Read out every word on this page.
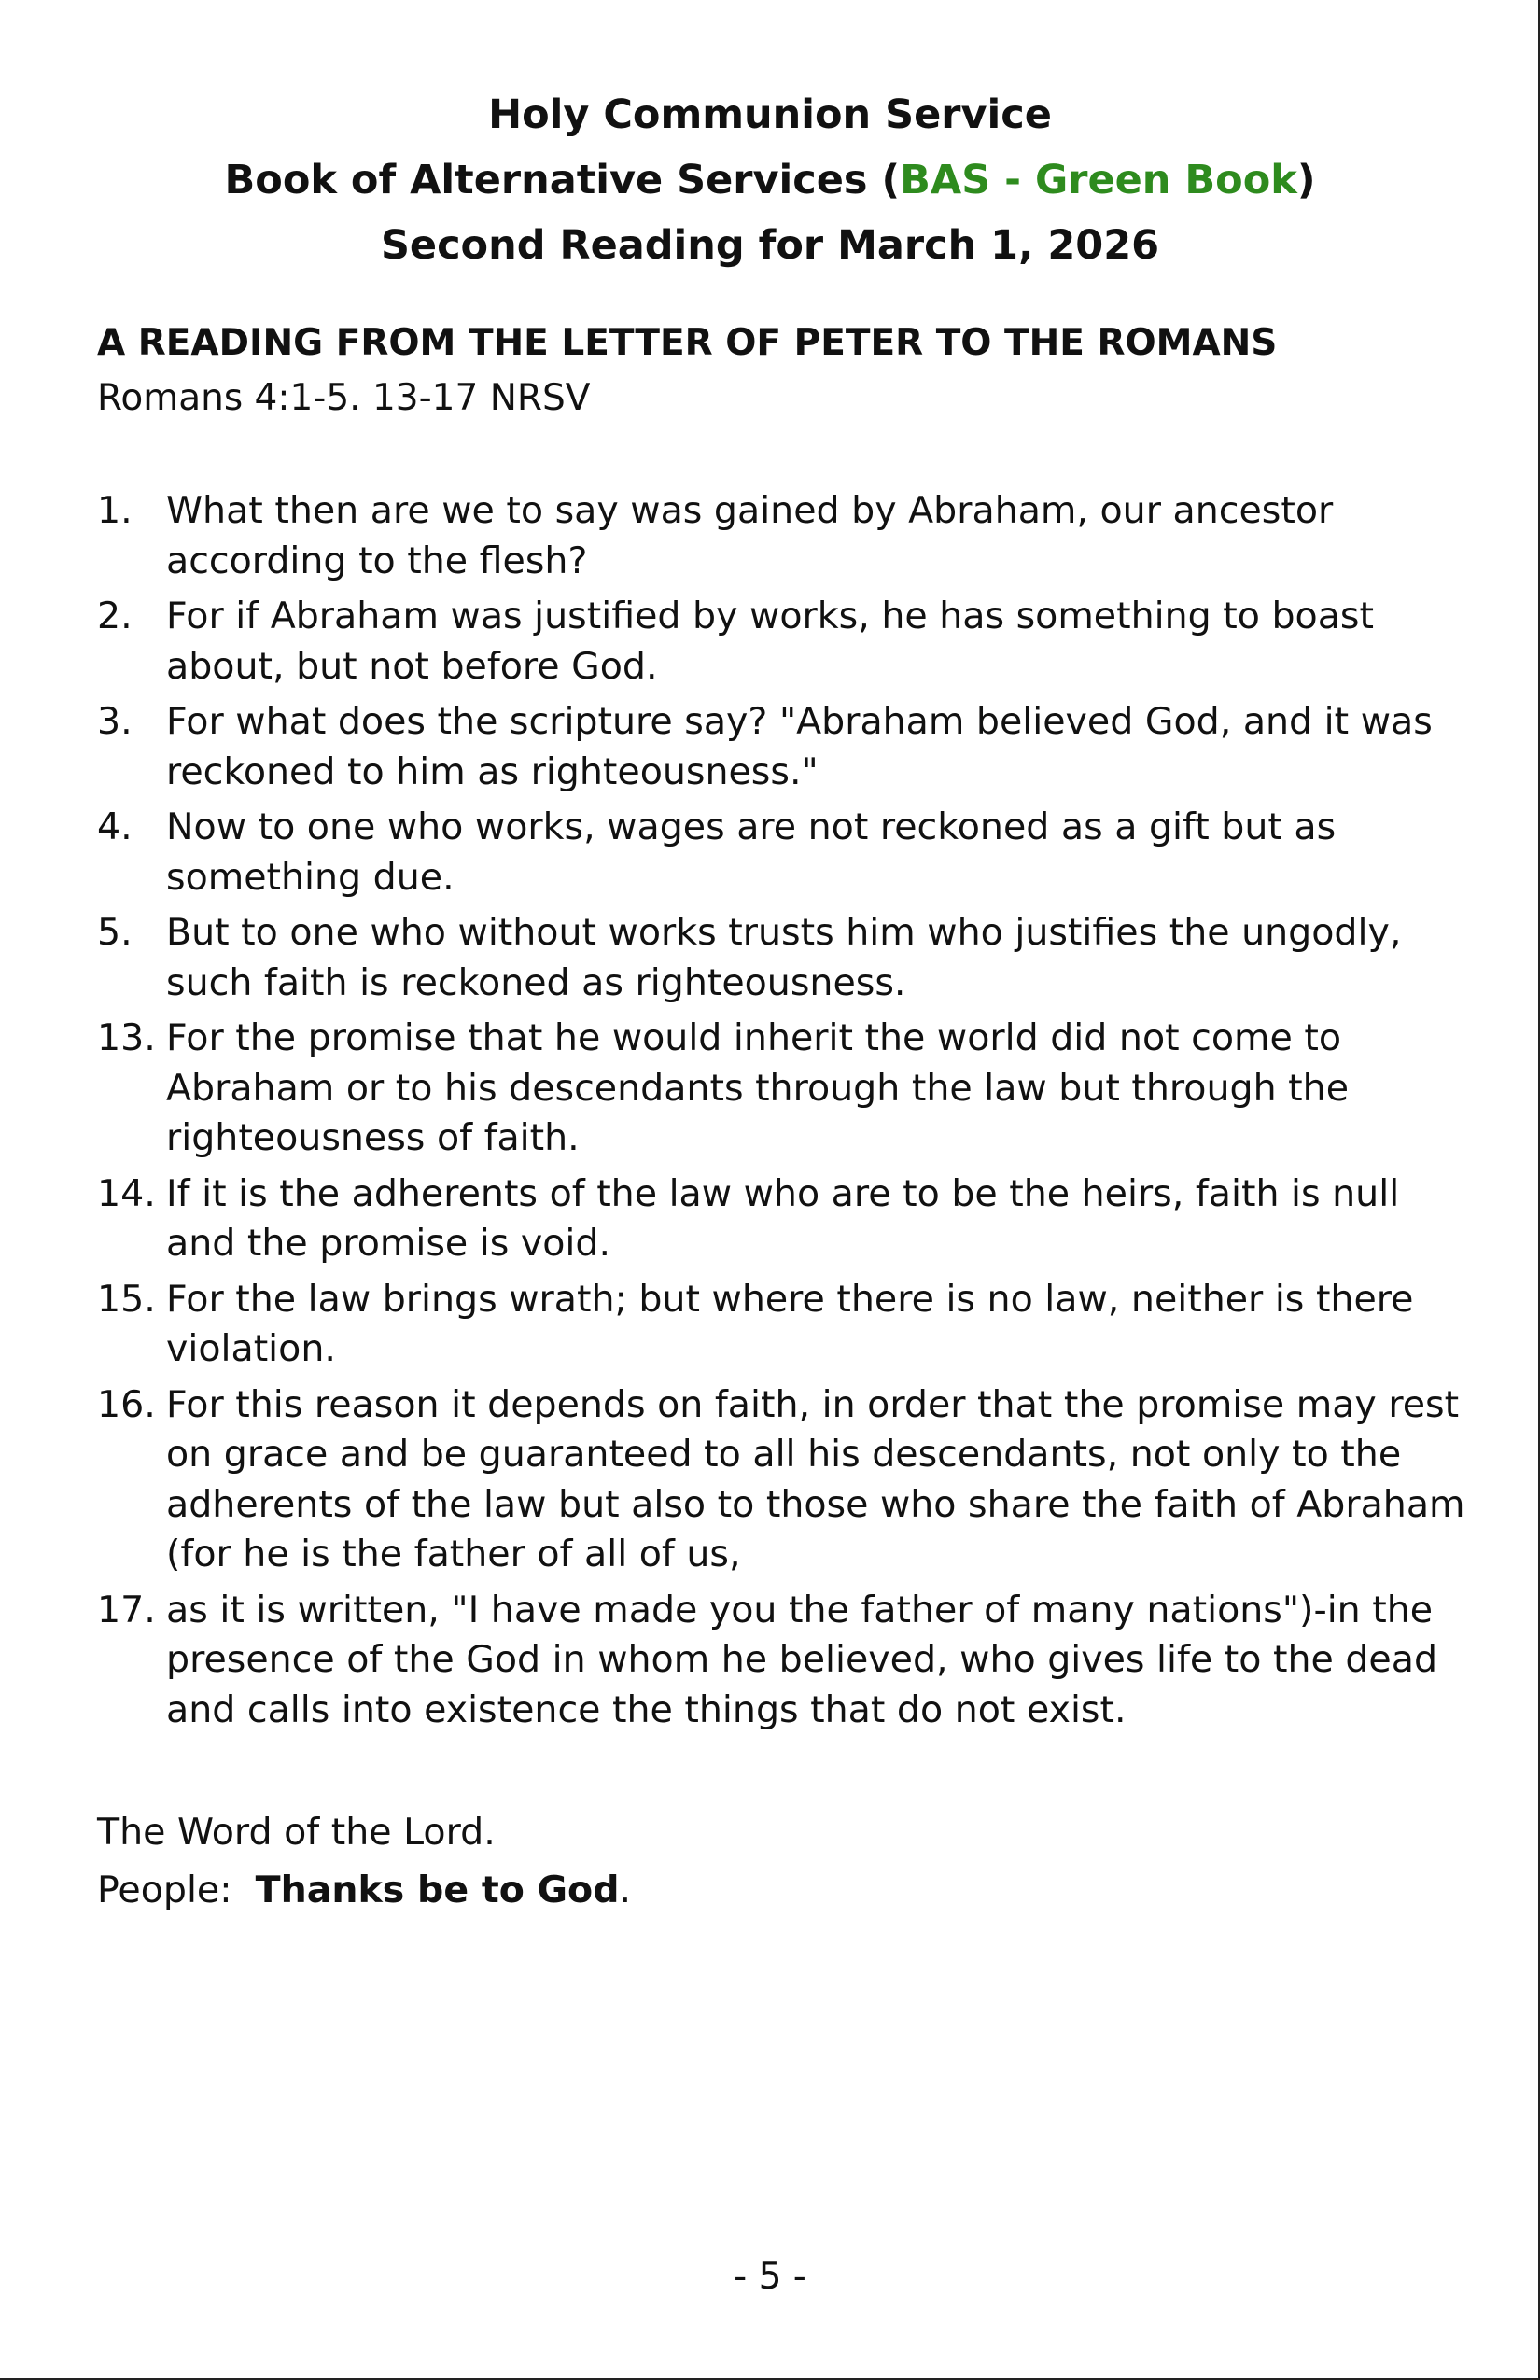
Holy Communion Service
Book of Alternative Services (BAS - Green Book)
Second Reading for March 1, 2026
A READING FROM THE LETTER OF PETER TO THE ROMANS
Romans 4:1-5. 13-17 NRSV
1. What then are we to say was gained by Abraham, our ancestor according to the flesh?
2. For if Abraham was justified by works, he has something to boast about, but not before God.
3. For what does the scripture say? "Abraham believed God, and it was reckoned to him as righteousness."
4. Now to one who works, wages are not reckoned as a gift but as something due.
5. But to one who without works trusts him who justifies the ungodly, such faith is reckoned as righteousness.
13. For the promise that he would inherit the world did not come to Abraham or to his descendants through the law but through the righteousness of faith.
14. If it is the adherents of the law who are to be the heirs, faith is null and the promise is void.
15. For the law brings wrath; but where there is no law, neither is there violation.
16. For this reason it depends on faith, in order that the promise may rest on grace and be guaranteed to all his descendants, not only to the adherents of the law but also to those who share the faith of Abraham (for he is the father of all of us,
17. as it is written, "I have made you the father of many nations")-in the presence of the God in whom he believed, who gives life to the dead and calls into existence the things that do not exist.
The Word of the Lord.
People: Thanks be to God.
- 5 -
